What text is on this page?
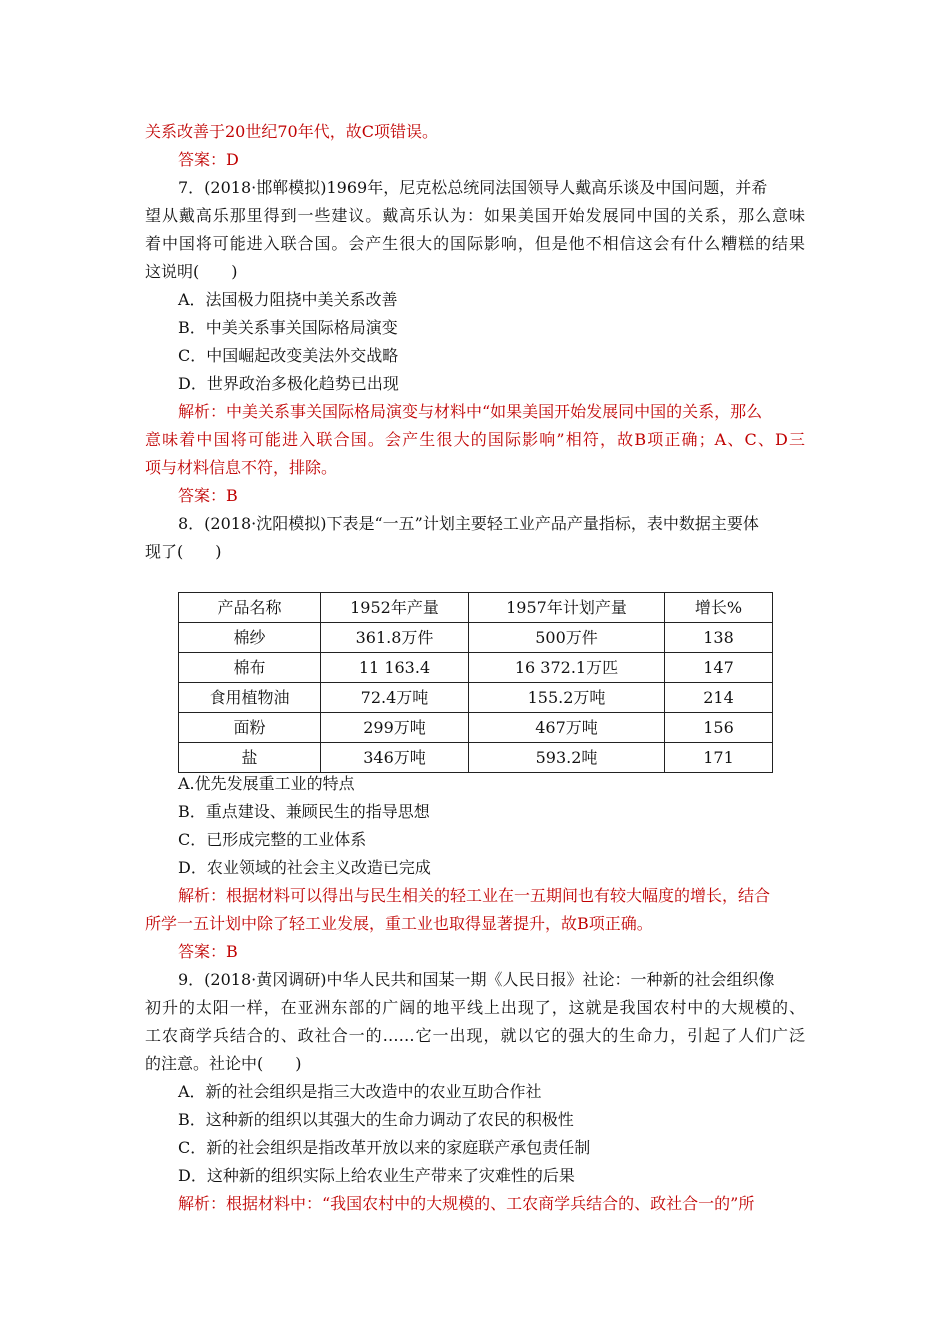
关系改善于20世纪70年代，故C项错误。
答案：D
7．(2018·邯郸模拟)1969年，尼克松总统同法国领导人戴高乐谈及中国问题，并希
望从戴高乐那里得到一些建议。戴高乐认为：如果美国开始发展同中国的关系，那么意味
着中国将可能进入联合国。会产生很大的国际影响，但是他不相信这会有什么糟糕的结果
这说明(　　)
A．法国极力阻挠中美关系改善
B．中美关系事关国际格局演变
C．中国崛起改变美法外交战略
D．世界政治多极化趋势已出现
解析：中美关系事关国际格局演变与材料中“如果美国开始发展同中国的关系，那么
意味着中国将可能进入联合国。会产生很大的国际影响”相符，故B项正确；A、C、D三
项与材料信息不符，排除。
答案：B
8．(2018·沈阳模拟)下表是“一五”计划主要轻工业产品产量指标，表中数据主要体
现了(　　)
产品名称	1952年产量	1957年计划产量	增长%
棉纱	361.8万件	500万件	138
棉布	11 163.4	16 372.1万匹	147
食用植物油	72.4万吨	155.2万吨	214
面粉	299万吨	467万吨	156
盐	346万吨	593.2吨	171
A.优先发展重工业的特点
B．重点建设、兼顾民生的指导思想
C．已形成完整的工业体系
D．农业领域的社会主义改造已完成
解析：根据材料可以得出与民生相关的轻工业在一五期间也有较大幅度的增长，结合
所学一五计划中除了轻工业发展，重工业也取得显著提升，故B项正确。
答案：B
9．(2018·黄冈调研)中华人民共和国某一期《人民日报》社论：一种新的社会组织像
初升的太阳一样，在亚洲东部的广阔的地平线上出现了，这就是我国农村中的大规模的、
工农商学兵结合的、政社合一的……它一出现，就以它的强大的生命力，引起了人们广泛
的注意。社论中(　　)
A．新的社会组织是指三大改造中的农业互助合作社
B．这种新的组织以其强大的生命力调动了农民的积极性
C．新的社会组织是指改革开放以来的家庭联产承包责任制
D．这种新的组织实际上给农业生产带来了灾难性的后果
解析：根据材料中：“我国农村中的大规模的、工农商学兵结合的、政社合一的”所
